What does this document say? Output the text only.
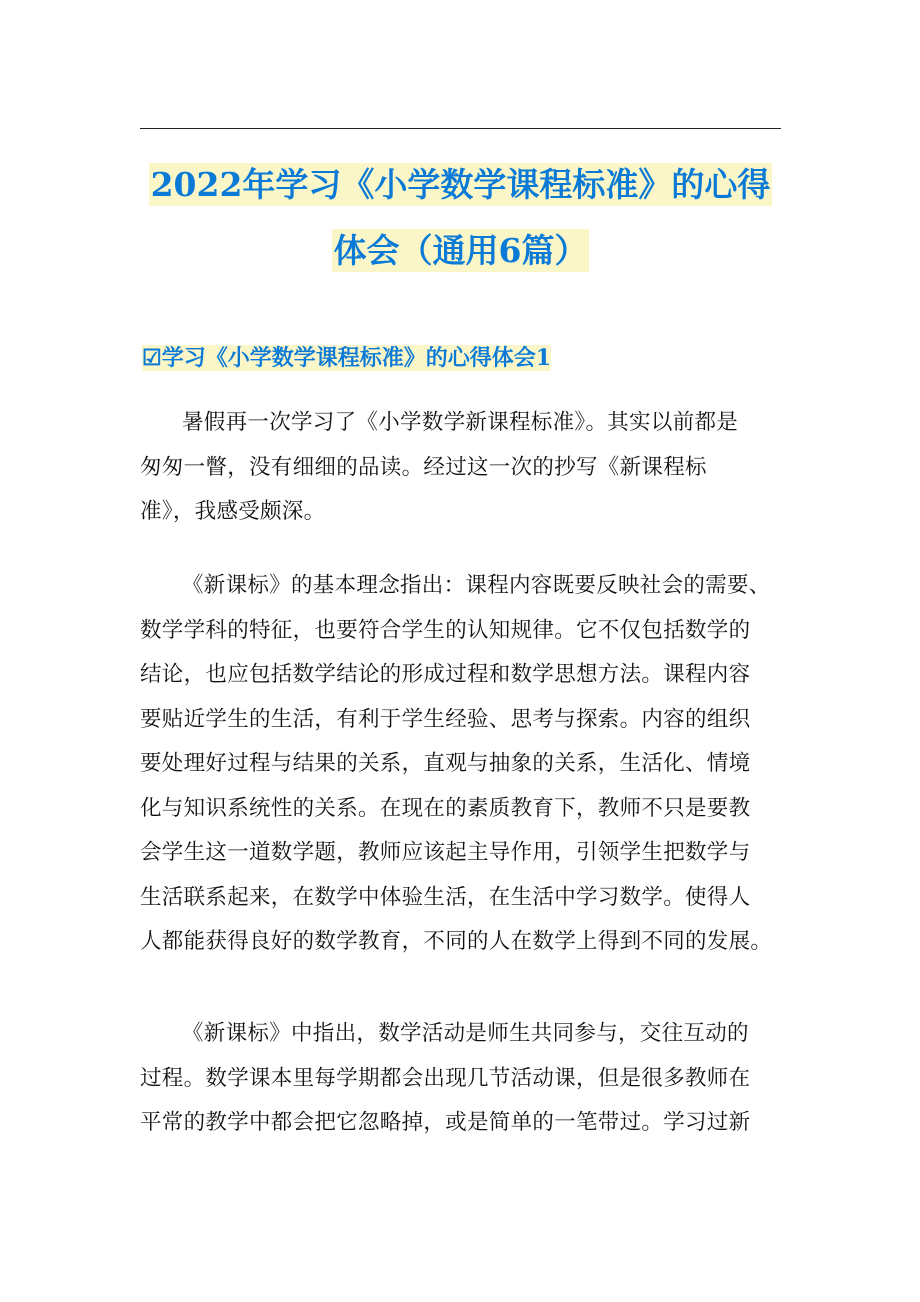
2022年学习《小学数学课程标准》的心得
体会（通用6篇）
☑学习《小学数学课程标准》的心得体会1
暑假再一次学习了《小学数学新课程标准》。其实以前都是
匆匆一瞥，没有细细的品读。经过这一次的抄写《新课程标
准》，我感受颇深。
《新课标》的基本理念指出：课程内容既要反映社会的需要、
数学学科的特征，也要符合学生的认知规律。它不仅包括数学的
结论，也应包括数学结论的形成过程和数学思想方法。课程内容
要贴近学生的生活，有利于学生经验、思考与探索。内容的组织
要处理好过程与结果的关系，直观与抽象的关系，生活化、情境
化与知识系统性的关系。在现在的素质教育下，教师不只是要教
会学生这一道数学题，教师应该起主导作用，引领学生把数学与
生活联系起来，在数学中体验生活，在生活中学习数学。使得人
人都能获得良好的数学教育，不同的人在数学上得到不同的发展。
《新课标》中指出，数学活动是师生共同参与，交往互动的
过程。数学课本里每学期都会出现几节活动课，但是很多教师在
平常的教学中都会把它忽略掉，或是简单的一笔带过。学习过新
